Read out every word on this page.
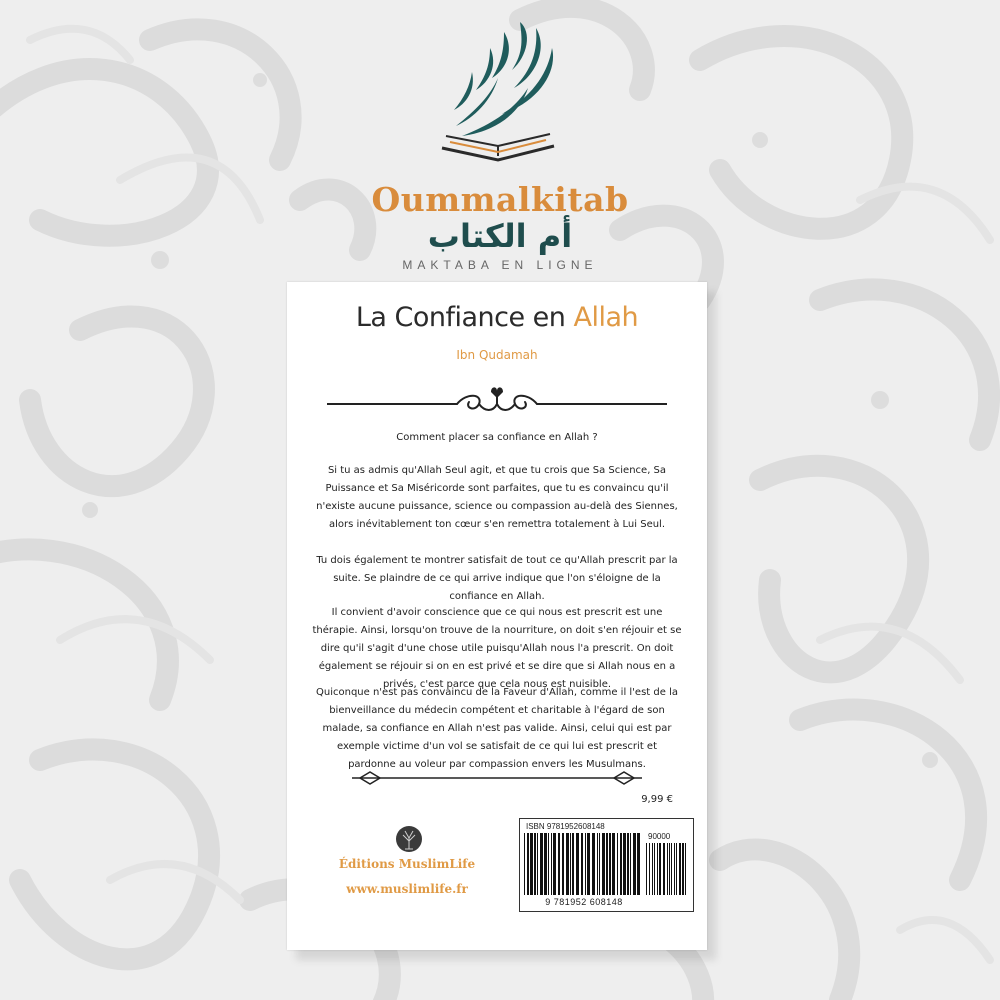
Oummalkitab
أم الكتاب
MAKTABA EN LIGNE
La Confiance en Allah
Ibn Qudamah
Comment placer sa confiance en Allah ?
Si tu as admis qu'Allah Seul agit, et que tu crois que Sa Science, Sa Puissance et Sa Miséricorde sont parfaites, que tu es convaincu qu'il n'existe aucune puissance, science ou compassion au-delà des Siennes, alors inévitablement ton cœur s'en remettra totalement à Lui Seul.
Tu dois également te montrer satisfait de tout ce qu'Allah prescrit par la suite. Se plaindre de ce qui arrive indique que l'on s'éloigne de la confiance en Allah.
Il convient d'avoir conscience que ce qui nous est prescrit est une thérapie. Ainsi, lorsqu'on trouve de la nourriture, on doit s'en réjouir et se dire qu'il s'agit d'une chose utile puisqu'Allah nous l'a prescrit. On doit également se réjouir si on en est privé et se dire que si Allah nous en a privés, c'est parce que cela nous est nuisible.
Quiconque n'est pas convaincu de la Faveur d'Allah, comme il l'est de la bienveillance du médecin compétent et charitable à l'égard de son malade, sa confiance en Allah n'est pas valide. Ainsi, celui qui est par exemple victime d'un vol se satisfait de ce qui lui est prescrit et pardonne au voleur par compassion envers les Musulmans.
9,99 €
Éditions MuslimLife
www.muslimlife.fr
ISBN 9781952608148
90000
9 781952 608148
